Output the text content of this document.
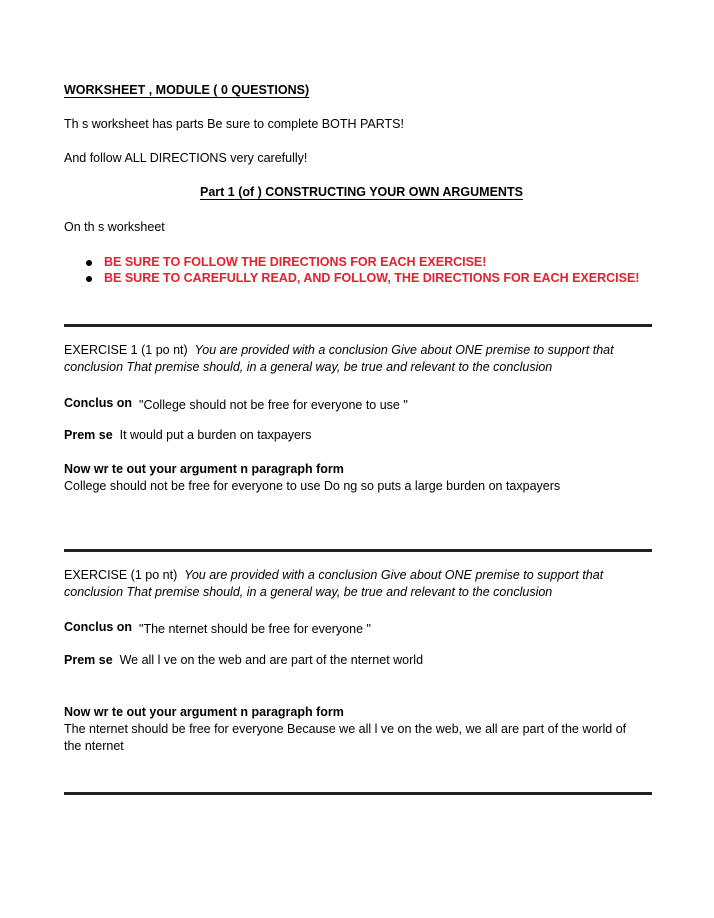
WORKSHEET , MODULE ( 0 QUESTIONS)
Th s worksheet has parts Be sure to complete BOTH PARTS!
And follow ALL DIRECTIONS very carefully!
Part 1 (of ) CONSTRUCTING YOUR OWN ARGUMENTS
On th s worksheet
BE SURE TO FOLLOW THE DIRECTIONS FOR EACH EXERCISE!
BE SURE TO CAREFULLY READ, AND FOLLOW, THE DIRECTIONS FOR EACH EXERCISE!
EXERCISE 1 (1 po nt) You are provided with a conclusion Give about ONE premise to support that
conclusion That premise should, in a general way, be true and relevant to the conclusion
Conclus on "College should not be free for everyone to use "
Prem se It would put a burden on taxpayers
Now wr te out your argument n paragraph form
College should not be free for everyone to use Do ng so puts a large burden on taxpayers
EXERCISE (1 po nt) You are provided with a conclusion Give about ONE premise to support that
conclusion That premise should, in a general way, be true and relevant to the conclusion
Conclus on "The nternet should be free for everyone "
Prem se We all l ve on the web and are part of the nternet world
Now wr te out your argument n paragraph form
The nternet should be free for everyone Because we all l ve on the web, we all are part of the world of
the nternet
